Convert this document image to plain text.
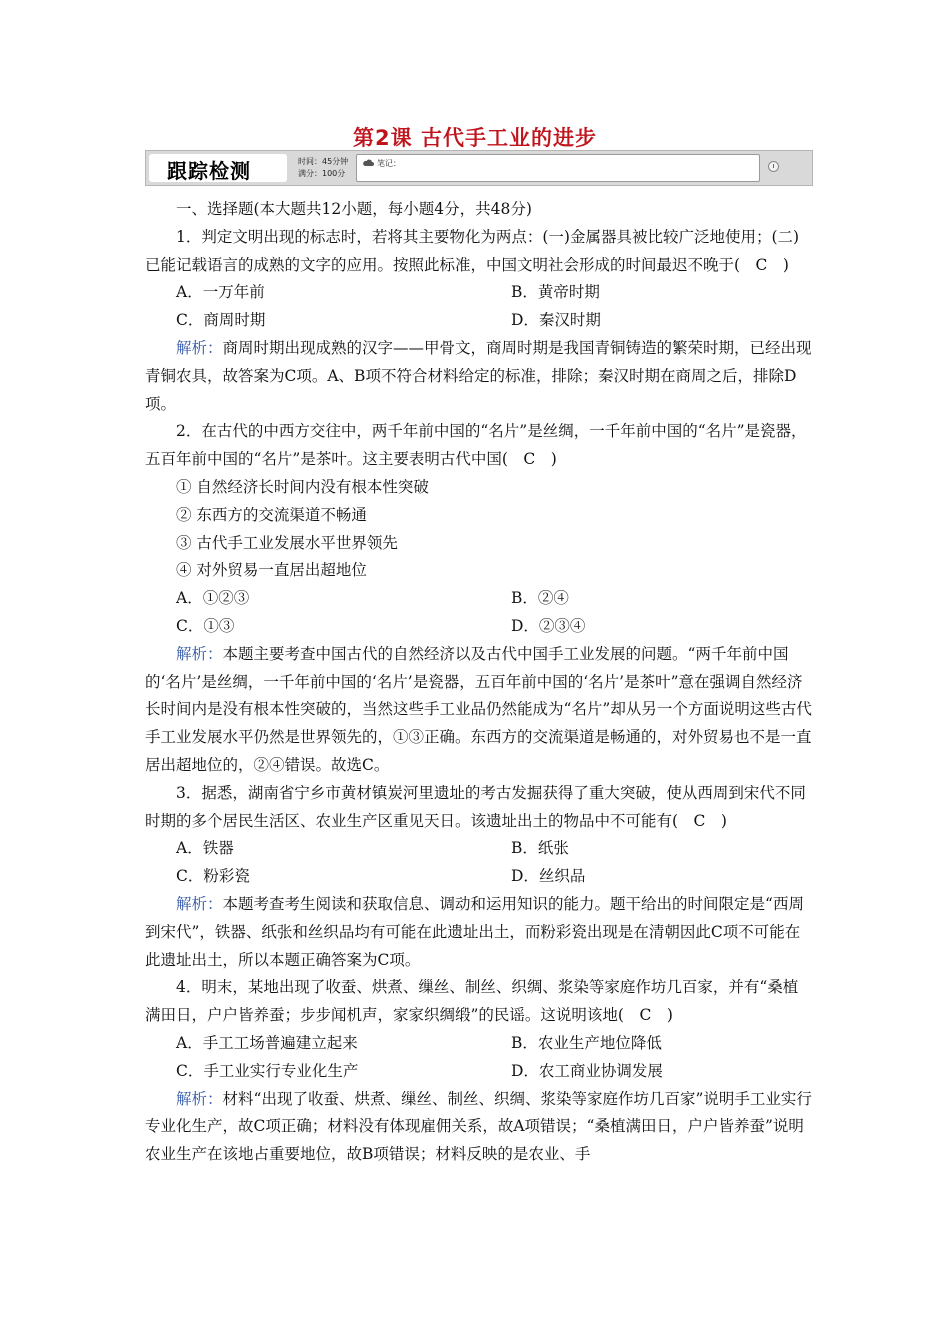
第2课 古代手工业的进步
跟踪检测	时间：45分钟
满分：100分
笔记：

一、选择题(本大题共12小题，每小题4分，共48分)

1．判定文明出现的标志时，若将其主要物化为两点：(一)金属器具被比较广泛地使用；(二)已能记载语言的成熟的文字的应用。按照此标准，中国文明社会形成的时间最迟不晚于(　C　)

A．一万年前	B．黄帝时期
C．商周时期	D．秦汉时期

解析：商周时期出现成熟的汉字——甲骨文，商周时期是我国青铜铸造的繁荣时期，已经出现青铜农具，故答案为C项。A、B项不符合材料给定的标准，排除；秦汉时期在商周之后，排除D项。

2．在古代的中西方交往中，两千年前中国的“名片”是丝绸，一千年前中国的“名片”是瓷器，五百年前中国的“名片”是茶叶。这主要表明古代中国(　C　)

① 自然经济长时间内没有根本性突破

② 东西方的交流渠道不畅通

③ 古代手工业发展水平世界领先

④ 对外贸易一直居出超地位

A．①②③	B．②④
C．①③	D．②③④

解析：本题主要考查中国古代的自然经济以及古代中国手工业发展的问题。“两千年前中国的‘名片’是丝绸，一千年前中国的‘名片’是瓷器，五百年前中国的‘名片’是茶叶”意在强调自然经济长时间内是没有根本性突破的，当然这些手工业品仍然能成为“名片”却从另一个方面说明这些古代手工业发展水平仍然是世界领先的，①③正确。东西方的交流渠道是畅通的，对外贸易也不是一直居出超地位的，②④错误。故选C。

3．据悉，湖南省宁乡市黄材镇炭河里遗址的考古发掘获得了重大突破，使从西周到宋代不同时期的多个居民生活区、农业生产区重见天日。该遗址出土的物品中不可能有(　C　)

A．铁器	B．纸张
C．粉彩瓷	D．丝织品

解析：本题考查考生阅读和获取信息、调动和运用知识的能力。题干给出的时间限定是“西周到宋代”，铁器、纸张和丝织品均有可能在此遗址出土，而粉彩瓷出现是在清朝因此C项不可能在此遗址出土，所以本题正确答案为C项。

4．明末，某地出现了收蚕、烘煮、缫丝、制丝、织绸、浆染等家庭作坊几百家，并有“桑植满田日，户户皆养蚕；步步闻机声，家家织绸缎”的民谣。这说明该地(　C　)

A．手工工场普遍建立起来	B．农业生产地位降低
C．手工业实行专业化生产	D．农工商业协调发展

解析：材料“出现了收蚕、烘煮、缫丝、制丝、织绸、浆染等家庭作坊几百家”说明手工业实行专业化生产，故C项正确；材料没有体现雇佣关系，故A项错误；“桑植满田日，户户皆养蚕”说明农业生产在该地占重要地位，故B项错误；材料反映的是农业、手
